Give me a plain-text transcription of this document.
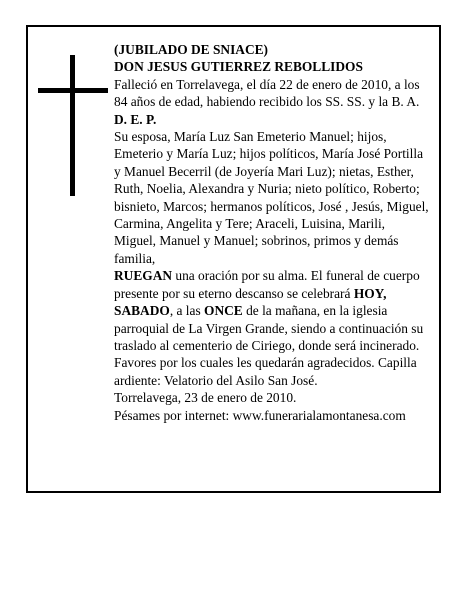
(JUBILADO DE SNIACE)

DON JESUS GUTIERREZ REBOLLIDOS

Falleció en Torrelavega, el día 22 de enero de 2010, a los 84 años de edad, habiendo recibido los SS. SS. y la B. A.

D. E. P.

Su esposa, María Luz San Emeterio Manuel; hijos, Emeterio y María Luz; hijos políticos, María José Portilla y Manuel Becerril (de Joyería Mari Luz); nietas, Esther, Ruth, Noelia, Alexandra y Nuria; nieto político, Roberto; bisnieto, Marcos; hermanos políticos, José , Jesús, Miguel, Carmina, Angelita y Tere; Araceli, Luisina, Marili, Miguel, Manuel y Manuel; sobrinos, primos y demás familia,

RUEGAN una oración por su alma. El funeral de cuerpo presente por su eterno descanso se celebrará HOY, SABADO, a las ONCE de la mañana, en la iglesia parroquial de La Virgen Grande, siendo a continuación su traslado al cementerio de Ciriego, donde será incinerado. Favores por los cuales les quedarán agradecidos. Capilla ardiente: Velatorio del Asilo San José.

Torrelavega, 23 de enero de 2010.

Pésames por internet: www.funerarialamontanesa.com
